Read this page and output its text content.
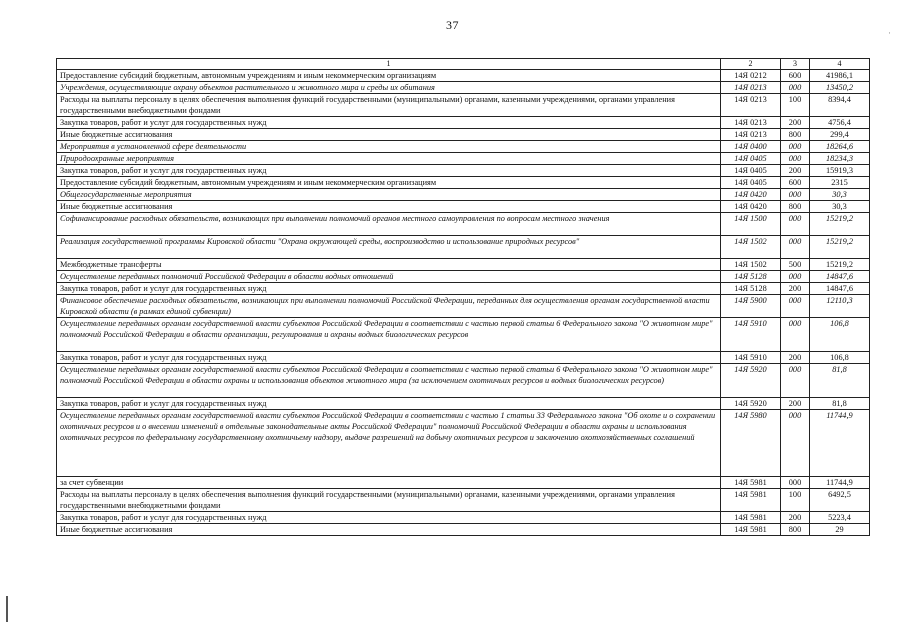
37
·
1	2	3	4
Предоставление субсидий бюджетным, автономным учреждениям и иным некоммерческим организациям	14Я 0212	600	41986,1
Учреждения, осуществляющие охрану объектов растительного и животного мира и среды их обитания	14Я 0213	000	13450,2
Расходы на выплаты персоналу в целях обеспечения выполнения функций государственными (муниципальными) органами, казенными учреждениями, органами управления государственными внебюджетными фондами	14Я 0213	100	8394,4
Закупка товаров, работ и услуг для государственных нужд	14Я 0213	200	4756,4
Иные бюджетные ассигнования	14Я 0213	800	299,4
Мероприятия в установленной сфере деятельности	14Я 0400	000	18264,6
Природоохранные мероприятия	14Я 0405	000	18234,3
Закупка товаров, работ и услуг для государственных нужд	14Я 0405	200	15919,3
Предоставление субсидий бюджетным, автономным учреждениям и иным некоммерческим организациям	14Я 0405	600	2315
Общегосударственные мероприятия	14Я 0420	000	30,3
Иные бюджетные ассигнования	14Я 0420	800	30,3
Софинансирование расходных обязательств, возникающих при выполнении полномочий органов местного самоуправления по вопросам местного значения	14Я 1500	000	15219,2
Реализация государственной программы Кировской области "Охрана окружающей среды, воспроизводство и использование природных ресурсов"	14Я 1502	000	15219,2
Межбюджетные трансферты	14Я 1502	500	15219,2
Осуществление переданных полномочий Российской Федерации в области водных отношений	14Я 5128	000	14847,6
Закупка товаров, работ и услуг для государственных нужд	14Я 5128	200	14847,6
Финансовое обеспечение расходных обязательств, возникающих при выполнении полномочий Российской Федерации, переданных для осуществления органам государственной власти Кировской области (в рамках единой субвенции)	14Я 5900	000	12110,3
Осуществление переданных органам государственной власти субъектов Российской Федерации в соответствии с частью первой статьи 6 Федерального закона "О животном мире" полномочий Российской Федерации в области организации, регулирования и охраны водных биологических ресурсов	14Я 5910	000	106,8
Закупка товаров, работ и услуг для государственных нужд	14Я 5910	200	106,8
Осуществление переданных органам государственной власти субъектов Российской Федерации в соответствии с частью первой статьи 6 Федерального закона "О животном мире" полномочий Российской Федерации в области охраны и использования объектов животного мира (за исключением охотничьих ресурсов и водных биологических ресурсов)	14Я 5920	000	81,8
Закупка товаров, работ и услуг для государственных нужд	14Я 5920	200	81,8
Осуществление переданных органам государственной власти субъектов Российской Федерации в соответствии с частью 1 статьи 33 Федерального закона "Об охоте и о сохранении охотничьих ресурсов и о внесении изменений в отдельные законодательные акты Российской Федерации" полномочий Российской Федерации в области охраны и использования охотничьих ресурсов по федеральному государственному охотничьему надзору, выдаче разрешений на добычу охотничьих ресурсов и заключению охотхозяйственных соглашений	14Я 5980	000	11744,9
за счет субвенции	14Я 5981	000	11744,9
Расходы на выплаты персоналу в целях обеспечения выполнения функций государственными (муниципальными) органами, казенными учреждениями, органами управления государственными внебюджетными фондами	14Я 5981	100	6492,5
Закупка товаров, работ и услуг для государственных нужд	14Я 5981	200	5223,4
Иные бюджетные ассигнования	14Я 5981	800	29
